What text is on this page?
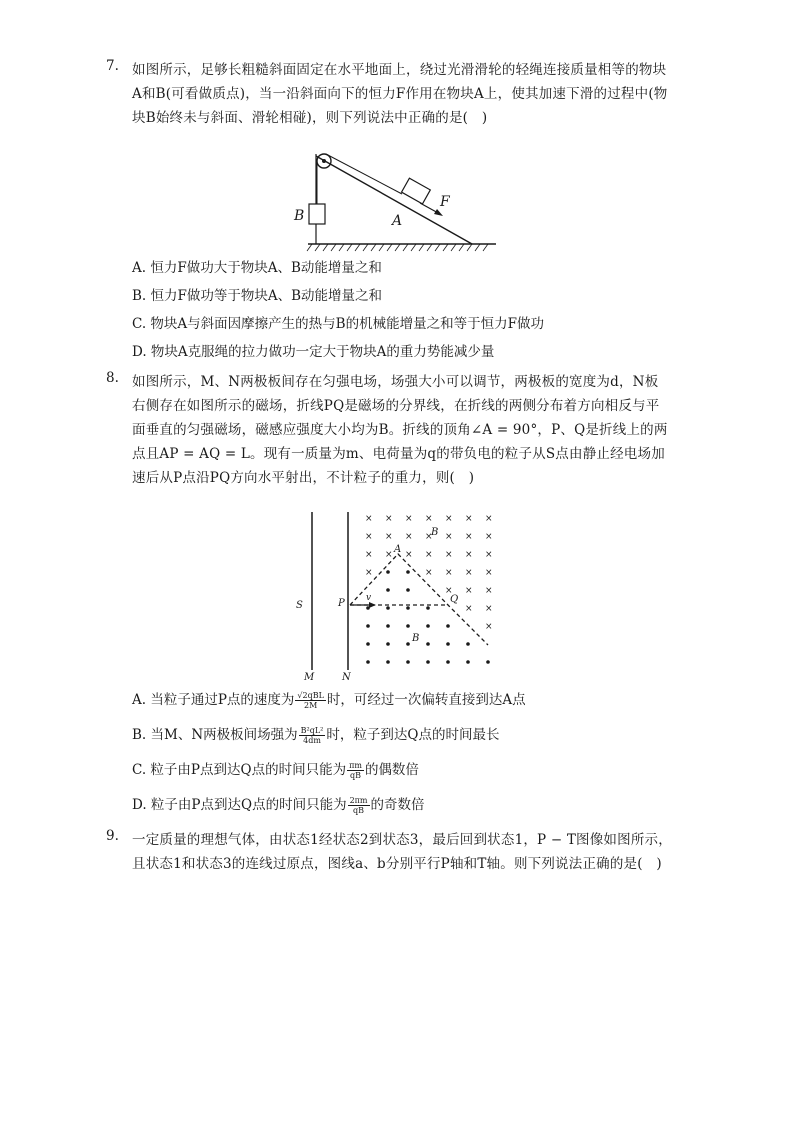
7. 如图所示，足够长粗糙斜面固定在水平地面上，绕过光滑滑轮的轻绳连接质量相等的物块A和B(可看做质点)，当一沿斜面向下的恒力F作用在物块A上，使其加速下滑的过程中(物块B始终未与斜面、滑轮相碰)，则下列说法中正确的是(　)
B	A
F
A. 恒力F做功大于物块A、B动能增量之和
B. 恒力F做功等于物块A、B动能增量之和
C. 物块A与斜面因摩擦产生的热与B的机械能增量之和等于恒力F做功
D. 物块A克服绳的拉力做功一定大于物块A的重力势能减少量
8. 如图所示，M、N两极板间存在匀强电场，场强大小可以调节，两极板的宽度为d，N板右侧存在如图所示的磁场，折线PQ是磁场的分界线，在折线的两侧分布着方向相反与平面垂直的匀强磁场，磁感应强度大小均为B。折线的顶角∠A = 90°，P、Q是折线上的两点且AP = AQ = L。现有一质量为m、电荷量为q的带负电的粒子从S点由静止经电场加速后从P点沿PQ方向水平射出，不计粒子的重力，则(　)
S
M	N
×
×
×
×
×
×
×
×
×
×
×
×
×
×
×
×
×
×
×
×
×
×
×
×
×
×
×
×
×
×
×
×
v
P
A
Q
B
B
A. 当粒子通过P点的速度为 $\frac{\text{√2qBL}}{2M}$ 时，可经过一次偏转直接到达A点
B. 当M、N两极板间场强为 $\frac{\text{B²qL²}}{4dm}$ 时，粒子到达Q点的时间最长
C. 粒子由P点到达Q点的时间只能为 $\frac{\pi m}{qB}$ 的偶数倍
D. 粒子由P点到达Q点的时间只能为 $\frac{2\pi m}{qB}$ 的奇数倍
9. 一定质量的理想气体，由状态1经状态2到状态3，最后回到状态1，P − T图像如图所示，且状态1和状态3的连线过原点，图线a、b分别平行P轴和T轴。则下列说法正确的是(　)
